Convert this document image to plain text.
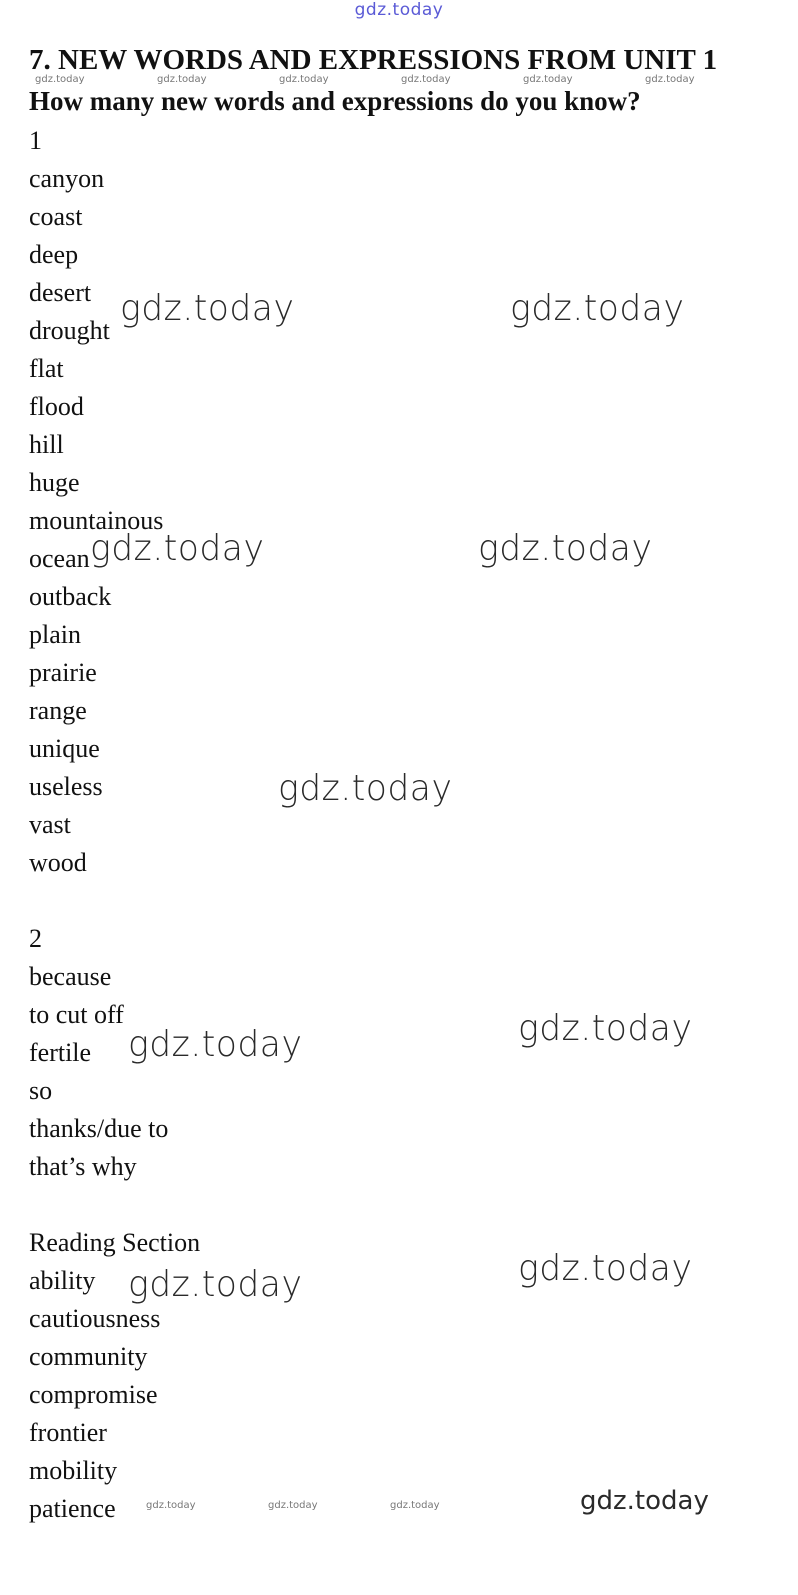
gdz.today
7. NEW WORDS AND EXPRESSIONS FROM UNIT 1
gdz.today	gdz.today	gdz.today	gdz.today	gdz.today	gdz.today
How many new words and expressions do you know?
1
canyon
coast
deep
desert
drought
flat
flood
hill
huge
mountainous
ocean
outback
plain
prairie
range
unique
useless
vast
wood
2
because
to cut off
fertile
so
thanks/due to
that’s why
Reading Section
ability
cautiousness
community
compromise
frontier
mobility
patience
gdz.today	gdz.today
gdz.today	gdz.today
gdz.today
gdz.today
gdz.today
gdz.today
gdz.today
gdz.today
gdz.today	gdz.today	gdz.today
